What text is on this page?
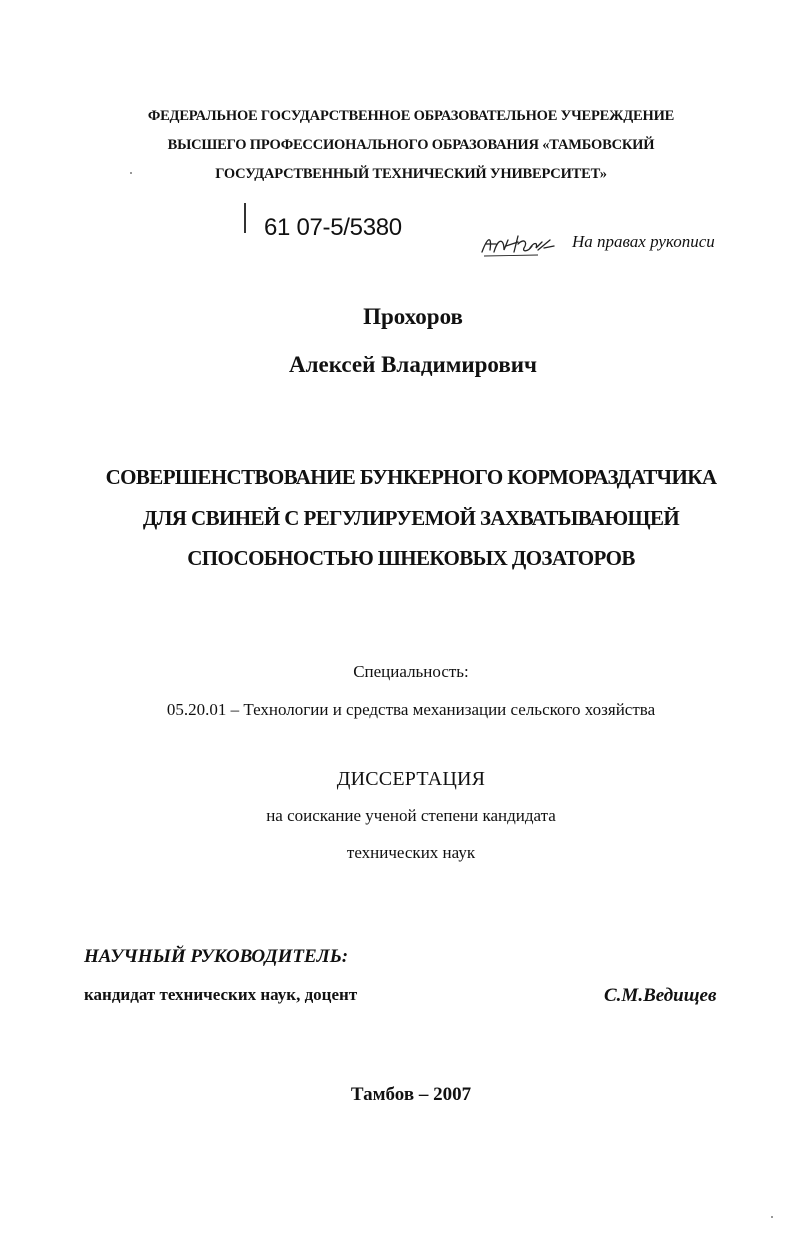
ФЕДЕРАЛЬНОЕ ГОСУДАРСТВЕННОЕ ОБРАЗОВАТЕЛЬНОЕ УЧЕРЕЖДЕНИЕ
ВЫСШЕГО ПРОФЕССИОНАЛЬНОГО ОБРАЗОВАНИЯ «ТАМБОВСКИЙ
ГОСУДАРСТВЕННЫЙ ТЕХНИЧЕСКИЙ УНИВЕРСИТЕТ»
61 07-5/5380
На правах рукописи
Прохоров
Алексей Владимирович
СОВЕРШЕНСТВОВАНИЕ БУНКЕРНОГО КОРМОРАЗДАТЧИКА
ДЛЯ СВИНЕЙ С РЕГУЛИРУЕМОЙ ЗАХВАТЫВАЮЩЕЙ
СПОСОБНОСТЬЮ ШНЕКОВЫХ ДОЗАТОРОВ
Специальность:
05.20.01 – Технологии и средства механизации сельского хозяйства
ДИССЕРТАЦИЯ
на соискание ученой степени кандидата
технических наук
НАУЧНЫЙ РУКОВОДИТЕЛЬ:
кандидат технических наук, доцент	С.М.Ведищев
Тамбов – 2007
